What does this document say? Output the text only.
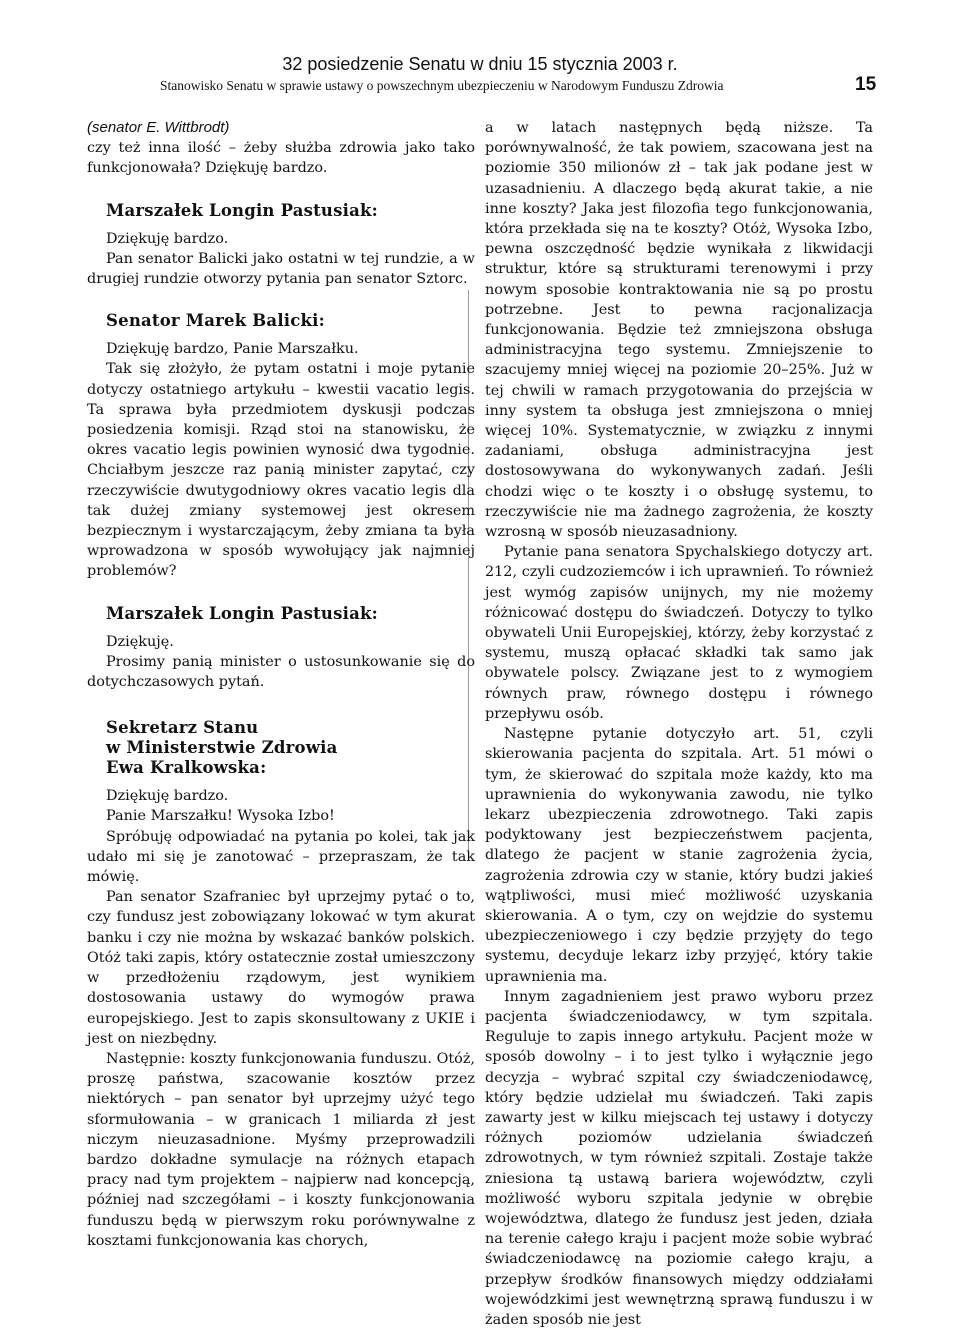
32 posiedzenie Senatu w dniu 15 stycznia 2003 r.
Stanowisko Senatu w sprawie ustawy o powszechnym ubezpieczeniu w Narodowym Funduszu Zdrowia	15

(senator E. Wittbrodt)

czy też inna ilość – żeby służba zdrowia jako tako funkcjonowała? Dziękuję bardzo.

Marszałek Longin Pastusiak:

Dziękuję bardzo.

Pan senator Balicki jako ostatni w tej rundzie, a w drugiej rundzie otworzy pytania pan senator Sztorc.

Senator Marek Balicki:

Dziękuję bardzo, Panie Marszałku.

Tak się złożyło, że pytam ostatni i moje pytanie dotyczy ostatniego artykułu – kwestii vacatio legis. Ta sprawa była przedmiotem dyskusji podczas posiedzenia komisji. Rząd stoi na stanowisku, że okres vacatio legis powinien wynosić dwa tygodnie. Chciałbym jeszcze raz panią minister zapytać, czy rzeczywiście dwutygodniowy okres vacatio legis dla tak dużej zmiany systemowej jest okresem bezpiecznym i wystarczającym, żeby zmiana ta była wprowadzona w sposób wywołujący jak najmniej problemów?

Marszałek Longin Pastusiak:

Dziękuję.

Prosimy panią minister o ustosunkowanie się do dotychczasowych pytań.

Sekretarz Stanu
w Ministerstwie Zdrowia
Ewa Kralkowska:

Dziękuję bardzo.

Panie Marszałku! Wysoka Izbo!

Spróbuję odpowiadać na pytania po kolei, tak jak udało mi się je zanotować – przepraszam, że tak mówię.

Pan senator Szafraniec był uprzejmy pytać o to, czy fundusz jest zobowiązany lokować w tym akurat banku i czy nie można by wskazać banków polskich. Otóż taki zapis, który ostatecznie został umieszczony w przedłożeniu rządowym, jest wynikiem dostosowania ustawy do wymogów prawa europejskiego. Jest to zapis skonsultowany z UKIE i jest on niezbędny.

Następnie: koszty funkcjonowania funduszu. Otóż, proszę państwa, szacowanie kosztów przez niektórych – pan senator był uprzejmy użyć tego sformułowania – w granicach 1 miliarda zł jest niczym nieuzasadnione. Myśmy przeprowadzili bardzo dokładne symulacje na różnych etapach pracy nad tym projektem – najpierw nad koncepcją, później nad szczegółami – i koszty funkcjonowania funduszu będą w pierwszym roku porównywalne z kosztami funkcjonowania kas chorych,

a w latach następnych będą niższe. Ta porównywalność, że tak powiem, szacowana jest na poziomie 350 milionów zł – tak jak podane jest w uzasadnieniu. A dlaczego będą akurat takie, a nie inne koszty? Jaka jest filozofia tego funkcjonowania, która przekłada się na te koszty? Otóż, Wysoka Izbo, pewna oszczędność będzie wynikała z likwidacji struktur, które są strukturami terenowymi i przy nowym sposobie kontraktowania nie są po prostu potrzebne. Jest to pewna racjonalizacja funkcjonowania. Będzie też zmniejszona obsługa administracyjna tego systemu. Zmniejszenie to szacujemy mniej więcej na poziomie 20–25%. Już w tej chwili w ramach przygotowania do przejścia w inny system ta obsługa jest zmniejszona o mniej więcej 10%. Systematycznie, w związku z innymi zadaniami, obsługa administracyjna jest dostosowywana do wykonywanych zadań. Jeśli chodzi więc o te koszty i o obsługę systemu, to rzeczywiście nie ma żadnego zagrożenia, że koszty wzrosną w sposób nieuzasadniony.

Pytanie pana senatora Spychalskiego dotyczy art. 212, czyli cudzoziemców i ich uprawnień. To również jest wymóg zapisów unijnych, my nie możemy różnicować dostępu do świadczeń. Dotyczy to tylko obywateli Unii Europejskiej, którzy, żeby korzystać z systemu, muszą opłacać składki tak samo jak obywatele polscy. Związane jest to z wymogiem równych praw, równego dostępu i równego przepływu osób.

Następne pytanie dotyczyło art. 51, czyli skierowania pacjenta do szpitala. Art. 51 mówi o tym, że skierować do szpitala może każdy, kto ma uprawnienia do wykonywania zawodu, nie tylko lekarz ubezpieczenia zdrowotnego. Taki zapis podyktowany jest bezpieczeństwem pacjenta, dlatego że pacjent w stanie zagrożenia życia, zagrożenia zdrowia czy w stanie, który budzi jakieś wątpliwości, musi mieć możliwość uzyskania skierowania. A o tym, czy on wejdzie do systemu ubezpieczeniowego i czy będzie przyjęty do tego systemu, decyduje lekarz izby przyjęć, który takie uprawnienia ma.

Innym zagadnieniem jest prawo wyboru przez pacjenta świadczeniodawcy, w tym szpitala. Reguluje to zapis innego artykułu. Pacjent może w sposób dowolny – i to jest tylko i wyłącznie jego decyzja – wybrać szpital czy świadczeniodawcę, który będzie udzielał mu świadczeń. Taki zapis zawarty jest w kilku miejscach tej ustawy i dotyczy różnych poziomów udzielania świadczeń zdrowotnych, w tym również szpitali. Zostaje także zniesiona tą ustawą bariera województw, czyli możliwość wyboru szpitala jedynie w obrębie województwa, dlatego że fundusz jest jeden, działa na terenie całego kraju i pacjent może sobie wybrać świadczeniodawcę na poziomie całego kraju, a przepływ środków finansowych między oddziałami wojewódzkimi jest wewnętrzną sprawą funduszu i w żaden sposób nie jest
